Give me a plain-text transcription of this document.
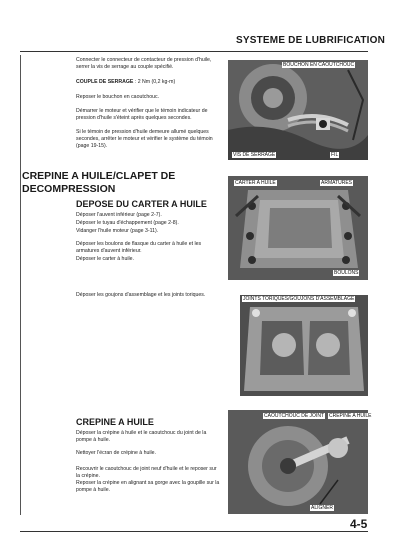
SYSTEME DE LUBRIFICATION
Connecter le connecteur de contacteur de pression d'huile, serrer la vis de serrage au couple spécifié.
COUPLE DE SERRAGE : 2 Nm (0,2 kg-m)
Reposer le bouchon en caoutchouc.
Démarrer le moteur et vérifier que le témoin indicateur de pression d'huile s'éteint après quelques secondes.
Si le témoin de pression d'huile demeure allumé quelques secondes, arrêter le moteur et vérifier le système du témoin (page 19-15).
BOUCHON EN CAOUTCHOUC
VIS DE SERRAGE	FIL
CREPINE A HUILE/CLAPET DE DECOMPRESSION
DEPOSE DU CARTER A HUILE
Déposer l'auvent inférieur (page 2-7).
Déposer le tuyau d'échappement (page 2-8).
Vidanger l'huile moteur (page 3-11).
Déposer les boulons de flasque du carter à huile et les armatures d'auvent inférieur.
Déposer le carter à huile.
Déposer les goujons d'assemblage et les joints toriques.
CARTER A HUILE	ARMATURES
BOULONS
JOINTS TORIQUES/GOUJONS D'ASSEMBLAGE
CREPINE A HUILE
Déposer la crépine à huile et le caoutchouc du joint de la pompe à huile.
Nettoyer l'écran de crépine à huile.
Recouvrir le caoutchouc de joint neuf d'huile et le reposer sur la crépine.
Reposer la crépine en alignant sa gorge avec la goupille sur la pompe à huile.
CAOUTCHOUC DE JOINT CREPINE A HUILE
ALIGNER
4-5
